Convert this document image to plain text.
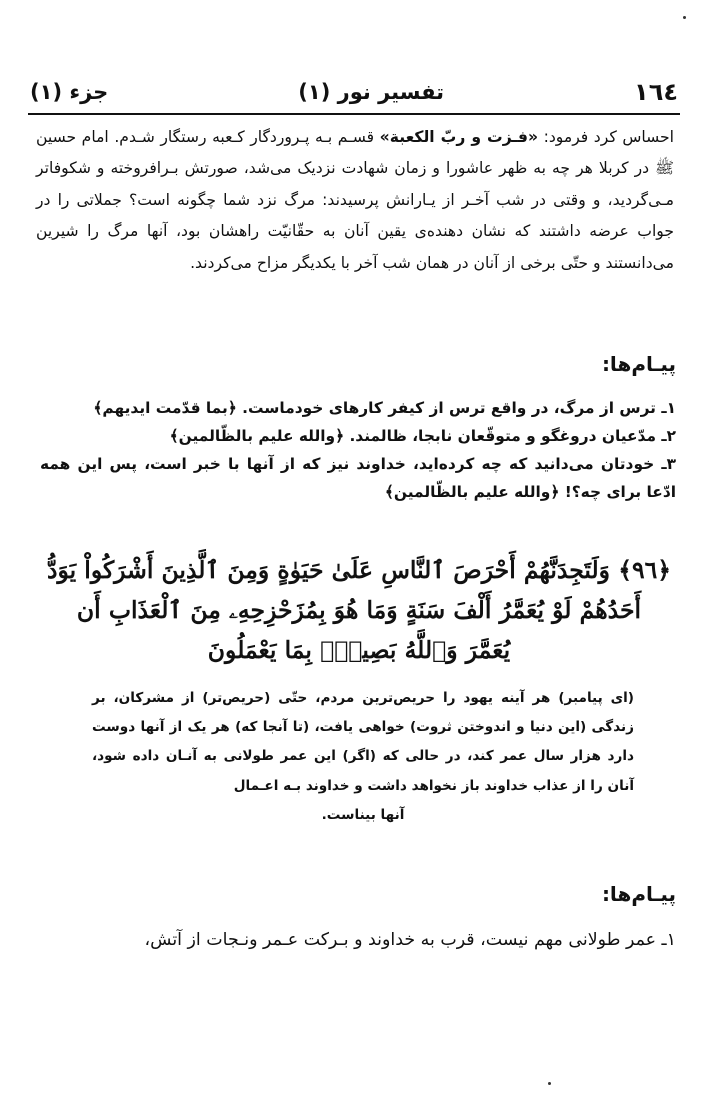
١٦٤
تفسیر نور (١)
جزء (١)
احساس کرد فرمود: «فـزت و ربّ الکعبة» قسـم بـه پـروردگار کـعبه رستگار شـدم. امام حسین ﷺ در کربلا هر چه به ظهر عاشورا و زمان شهادت نزدیک می‌شد، صورتش بـرافروخته و شکوفاتر مـی‌گردید، و وقتی در شب آخـر از یـارانش پرسیدند: مرگ نزد شما چگونه است؟ جملاتی را در جواب عرضه داشتند که نشان دهنده‌ی یقین آنان به حقّانیّت راهشان بود، آنها مرگ را شیرین می‌دانستند و حتّی برخی از آنان در همان شب آخر با یکدیگر مزاح می‌کردند.
پیـام‌ها:
١ـ ترس از مرگ، در واقع ترس از کیفر کارهای خودماست. ﴿بما قدّمت ایدیهم﴾
٢ـ مدّعیان دروغگو و متوقّعان نابجا، ظالمند. ﴿والله علیم بالظّالمین﴾
٣ـ خودتان می‌دانید که چه کرده‌اید، خداوند نیز که از آنها با خبر است، پس این همه ادّعا برای چه؟! ﴿والله علیم بالظّالمین﴾
﴿٩٦﴾ وَلَتَجِدَنَّهُمْ أَحْرَصَ ٱلنَّاسِ عَلَىٰ حَيَوٰةٍ وَمِنَ ٱلَّذِينَ أَشْرَكُواْ يَوَدُّ
أَحَدُهُمْ لَوْ يُعَمَّرُ أَلْفَ سَنَةٍ وَمَا هُوَ بِمُزَحْزِحِهِۦ مِنَ ٱلْعَذَابِ أَن
يُعَمَّرَ وَٱللَّهُ بَصِيرٌۢ بِمَا يَعْمَلُونَ
(ای پیامبر) هر آینه یهود را حریص‌ترین مردم، حتّی (حریص‌تر) از مشرکان، بر زندگی (این دنیا و اندوختن ثروت) خواهی یافت، (تا آنجا که) هر یک از آنها دوست دارد هزار سال عمر کند، در حالی که (اگر) این عمر طولانی به آنـان داده شود، آنان را از عذاب خداوند باز نخواهد داشت و خداوند بـه اعـمال
آنها بیناست.
پیـام‌ها:
١ـ عمر طولانی مهم نیست، قرب به خداوند و بـرکت عـمر ونـجات از آتش،
